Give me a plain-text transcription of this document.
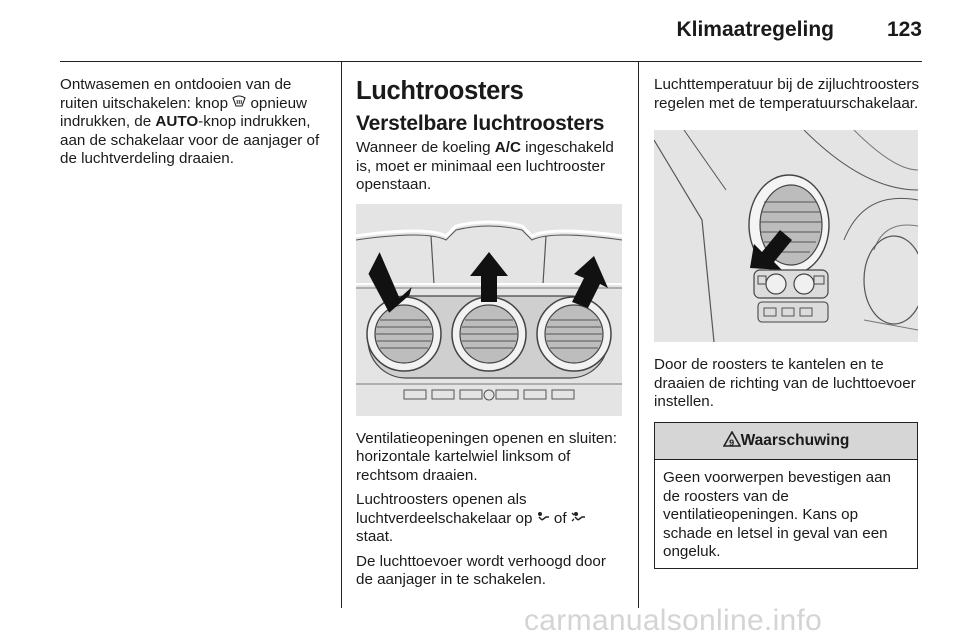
Klimaatregeling	123

Ontwasemen en ontdooien van de ruiten uitschakelen: knop  opnieuw indrukken, de AUTO-knop indrukken, aan de schakelaar voor de aanjager of de luchtverdeling draaien.

Luchtroosters
Verstelbare luchtroosters

Wanneer de koeling A/C ingeschakeld is, moet er minimaal een luchtrooster openstaan.

Ventilatieopeningen openen en sluiten: horizontale kartelwiel linksom of rechtsom draaien.

Luchtroosters openen als luchtverdeelschakelaar op  of  staat.

De luchttoevoer wordt verhoogd door de aanjager in te schakelen.

Luchttemperatuur bij de zijluchtroosters regelen met de temperatuurschakelaar.

Door de roosters te kantelen en te draaien de richting van de luchttoevoer instellen.

9 Waarschuwing
Geen voorwerpen bevestigen aan de roosters van de ventilatieopeningen. Kans op schade en letsel in geval van een ongeluk.
carmanualsonline.info
